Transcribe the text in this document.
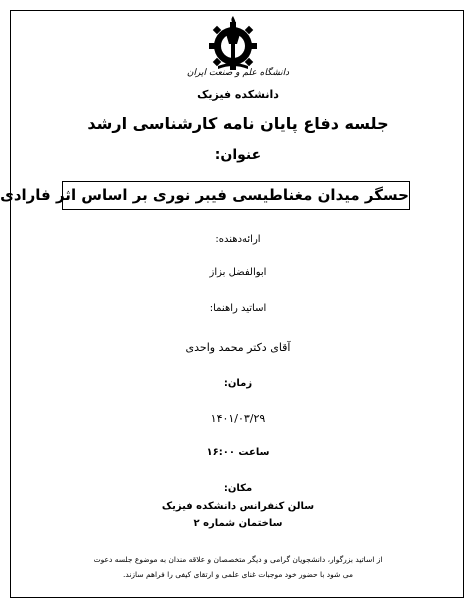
دانشگاه علم و صنعت ایران
دانشکده فیزیک
جلسه دفاع پایان نامه کارشناسی ارشد
عنوان:
حسگر میدان مغناطیسی فیبر نوری بر اساس اثر فارادی
ارائه‌دهنده:
ابوالفضل بزاز
اساتید راهنما:
آقای دکتر محمد واحدی
زمان:
۱۴۰۱/۰۳/۲۹
ساعت ۱۶:۰۰
مکان:
سالن کنفرانس دانشکده فیزیک
ساختمان شماره ۲
از اساتید بزرگوار، دانشجویان گرامی و دیگر متخصصان و علاقه مندان به موضوع جلسه دعوت
می شود با حضور خود موجبات غنای علمی و ارتقای کیفی را فراهم سازند.
